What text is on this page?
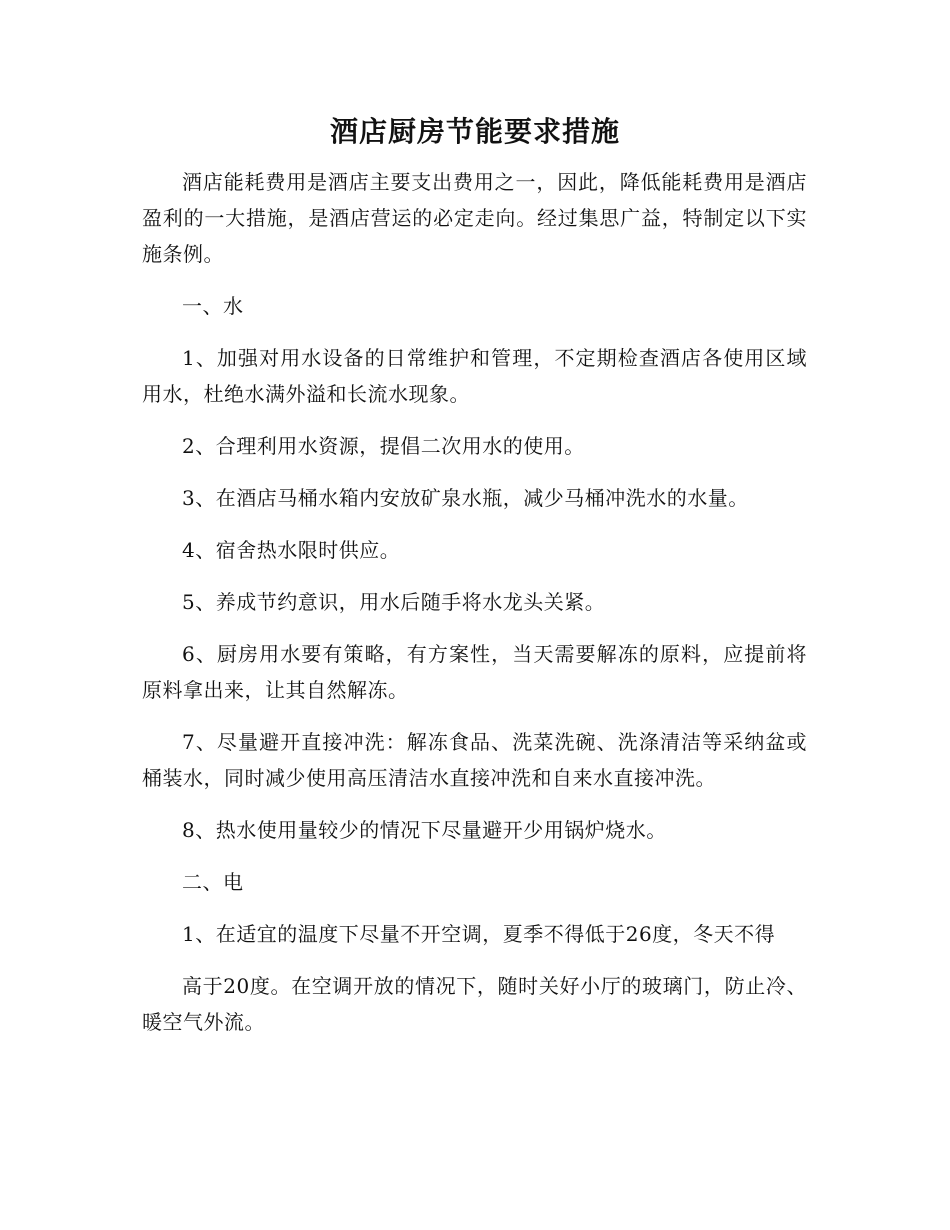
酒店厨房节能要求措施

酒店能耗费用是酒店主要支出费用之一，因此，降低能耗费用是酒店盈利的一大措施，是酒店营运的必定走向。经过集思广益，特制定以下实施条例。

一、水

1、加强对用水设备的日常维护和管理，不定期检查酒店各使用区域用水，杜绝水满外溢和长流水现象。

2、合理利用水资源，提倡二次用水的使用。

3、在酒店马桶水箱内安放矿泉水瓶，减少马桶冲洗水的水量。

4、宿舍热水限时供应。

5、养成节约意识，用水后随手将水龙头关紧。

6、厨房用水要有策略，有方案性，当天需要解冻的原料，应提前将原料拿出来，让其自然解冻。

7、尽量避开直接冲洗：解冻食品、洗菜洗碗、洗涤清洁等采纳盆或桶装水，同时减少使用高压清洁水直接冲洗和自来水直接冲洗。

8、热水使用量较少的情况下尽量避开少用锅炉烧水。

二、电

1、在适宜的温度下尽量不开空调，夏季不得低于26度，冬天不得

高于20度。在空调开放的情况下，随时关好小厅的玻璃门，防止冷、暖空气外流。
